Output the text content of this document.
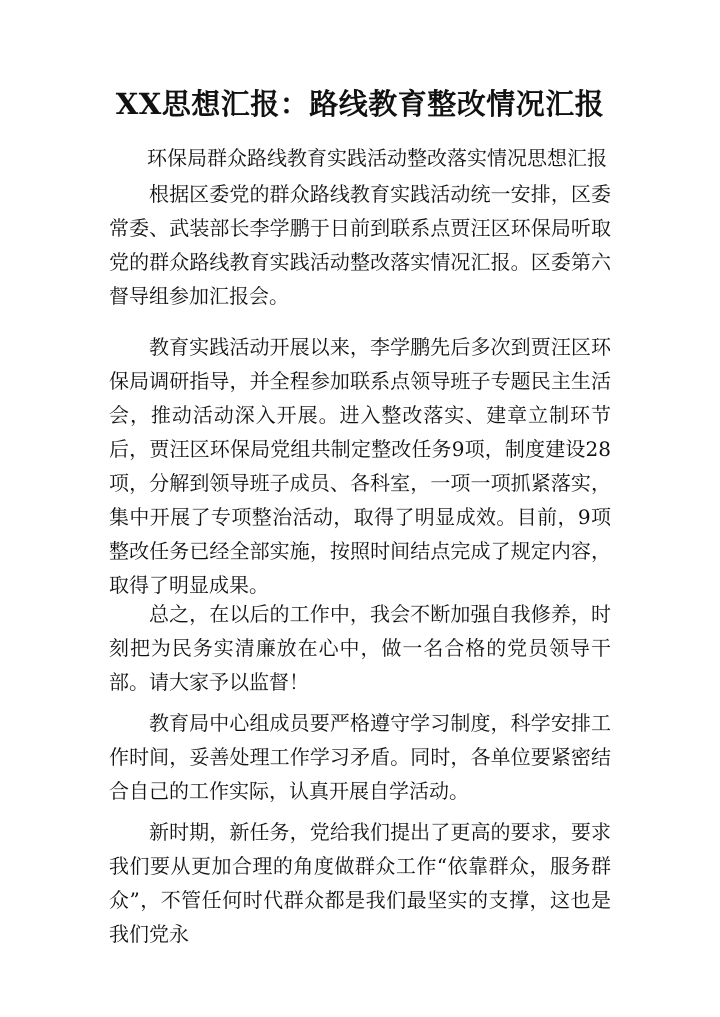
XX思想汇报：路线教育整改情况汇报
环保局群众路线教育实践活动整改落实情况思想汇报

根据区委党的群众路线教育实践活动统一安排，区委常委、武装部长李学鹏于日前到联系点贾汪区环保局听取党的群众路线教育实践活动整改落实情况汇报。区委第六督导组参加汇报会。

教育实践活动开展以来，李学鹏先后多次到贾汪区环保局调研指导，并全程参加联系点领导班子专题民主生活会，推动活动深入开展。进入整改落实、建章立制环节后，贾汪区环保局党组共制定整改任务9项，制度建设28项，分解到领导班子成员、各科室，一项一项抓紧落实，集中开展了专项整治活动，取得了明显成效。目前，9项整改任务已经全部实施，按照时间结点完成了规定内容，取得了明显成果。

总之，在以后的工作中，我会不断加强自我修养，时刻把为民务实清廉放在心中，做一名合格的党员领导干部。请大家予以监督！

教育局中心组成员要严格遵守学习制度，科学安排工作时间，妥善处理工作学习矛盾。同时，各单位要紧密结合自己的工作实际，认真开展自学活动。

新时期，新任务，党给我们提出了更高的要求，要求我们要从更加合理的角度做群众工作“依靠群众，服务群众”，不管任何时代群众都是我们最坚实的支撑，这也是我们党永
